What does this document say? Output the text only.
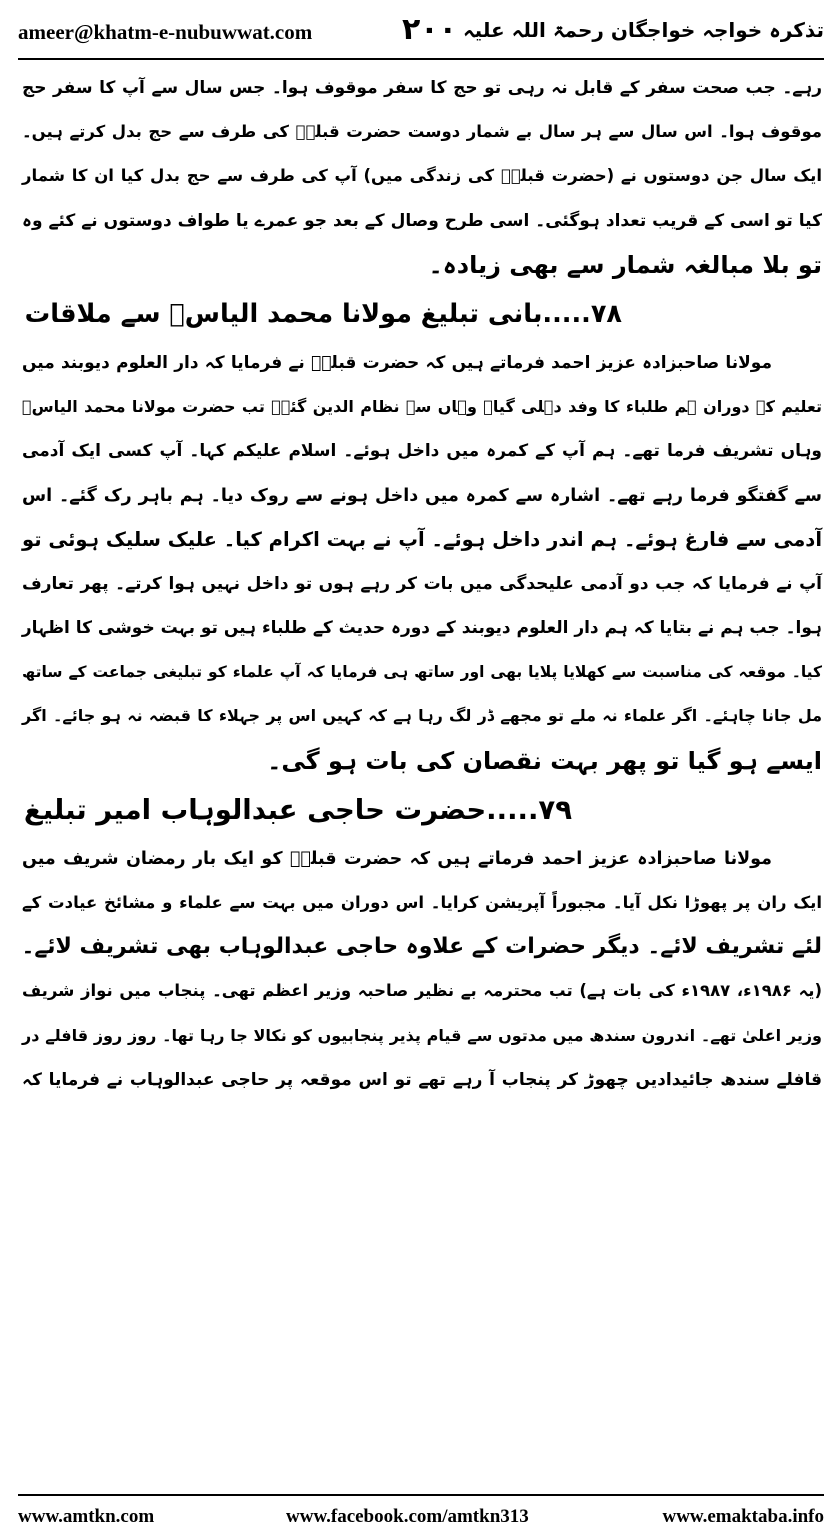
ameer@khatm-e-nubuwwat.com	۲۰۰ تذکرہ خواجہ خواجگان رحمۃ اللہ علیہ
رہے۔ جب صحت سفر کے قابل نہ رہی تو حج کا سفر موقوف ہوا۔ جس سال سے آپ کا سفر حج
موقوف ہوا۔ اس سال سے ہر سال بے شمار دوست حضرت قبلہؒ کی طرف سے حج بدل کرتے ہیں۔
ایک سال جن دوستوں نے (حضرت قبلہؒ کی زندگی میں) آپ کی طرف سے حج بدل کیا ان کا شمار
کیا تو اسی کے قریب تعداد ہوگئی۔ اسی طرح وصال کے بعد جو عمرے یا طواف دوستوں نے کئے وہ
تو بلا مبالغہ شمار سے بھی زیادہ۔
۷۸.....بانی تبلیغ مولانا محمد الیاسؒ سے ملاقات
مولانا صاحبزادہ عزیز احمد فرماتے ہیں کہ حضرت قبلہؒ نے فرمایا کہ دار العلوم دیوبند میں
تعلیم کے دوران ہم طلباء کا وفد دہلی گیا۔ وہاں سے نظام الدین گئے۔ تب حضرت مولانا محمد الیاسؒ
وہاں تشریف فرما تھے۔ ہم آپ کے کمرہ میں داخل ہوئے۔ اسلام علیکم کہا۔ آپ کسی ایک آدمی
سے گفتگو فرما رہے تھے۔ اشارہ سے کمرہ میں داخل ہونے سے روک دیا۔ ہم باہر رک گئے۔ اس
آدمی سے فارغ ہوئے۔ ہم اندر داخل ہوئے۔ آپ نے بہت اکرام کیا۔ علیک سلیک ہوئی تو
آپ نے فرمایا کہ جب دو آدمی علیحدگی میں بات کر رہے ہوں تو داخل نہیں ہوا کرتے۔ پھر تعارف
ہوا۔ جب ہم نے بتایا کہ ہم دار العلوم دیوبند کے دورہ حدیث کے طلباء ہیں تو بہت خوشی کا اظہار
کیا۔ موقعہ کی مناسبت سے کھلایا پلایا بھی اور ساتھ ہی فرمایا کہ آپ علماء کو تبلیغی جماعت کے ساتھ
مل جانا چاہئے۔ اگر علماء نہ ملے تو مجھے ڈر لگ رہا ہے کہ کہیں اس پر جہلاء کا قبضہ نہ ہو جائے۔ اگر
ایسے ہو گیا تو پھر بہت نقصان کی بات ہو گی۔
۷۹.....حضرت حاجی عبدالوہاب امیر تبلیغ
مولانا صاحبزادہ عزیز احمد فرماتے ہیں کہ حضرت قبلہؒ کو ایک بار رمضان شریف میں
ایک ران پر پھوڑا نکل آیا۔ مجبوراً آپریشن کرایا۔ اس دوران میں بہت سے علماء و مشائخ عیادت کے
لئے تشریف لائے۔ دیگر حضرات کے علاوہ حاجی عبدالوہاب بھی تشریف لائے۔
(یہ ۱۹۸۶ء، ۱۹۸۷ء کی بات ہے) تب محترمہ بے نظیر صاحبہ وزیر اعظم تھی۔ پنجاب میں نواز شریف
وزیر اعلیٰ تھے۔ اندرون سندھ میں مدتوں سے قیام پذیر پنجابیوں کو نکالا جا رہا تھا۔ روز روز قافلے در
قافلے سندھ جائیدادیں چھوڑ کر پنجاب آ رہے تھے تو اس موقعہ پر حاجی عبدالوہاب نے فرمایا کہ
www.amtkn.com	www.facebook.com/amtkn313	www.emaktaba.info
